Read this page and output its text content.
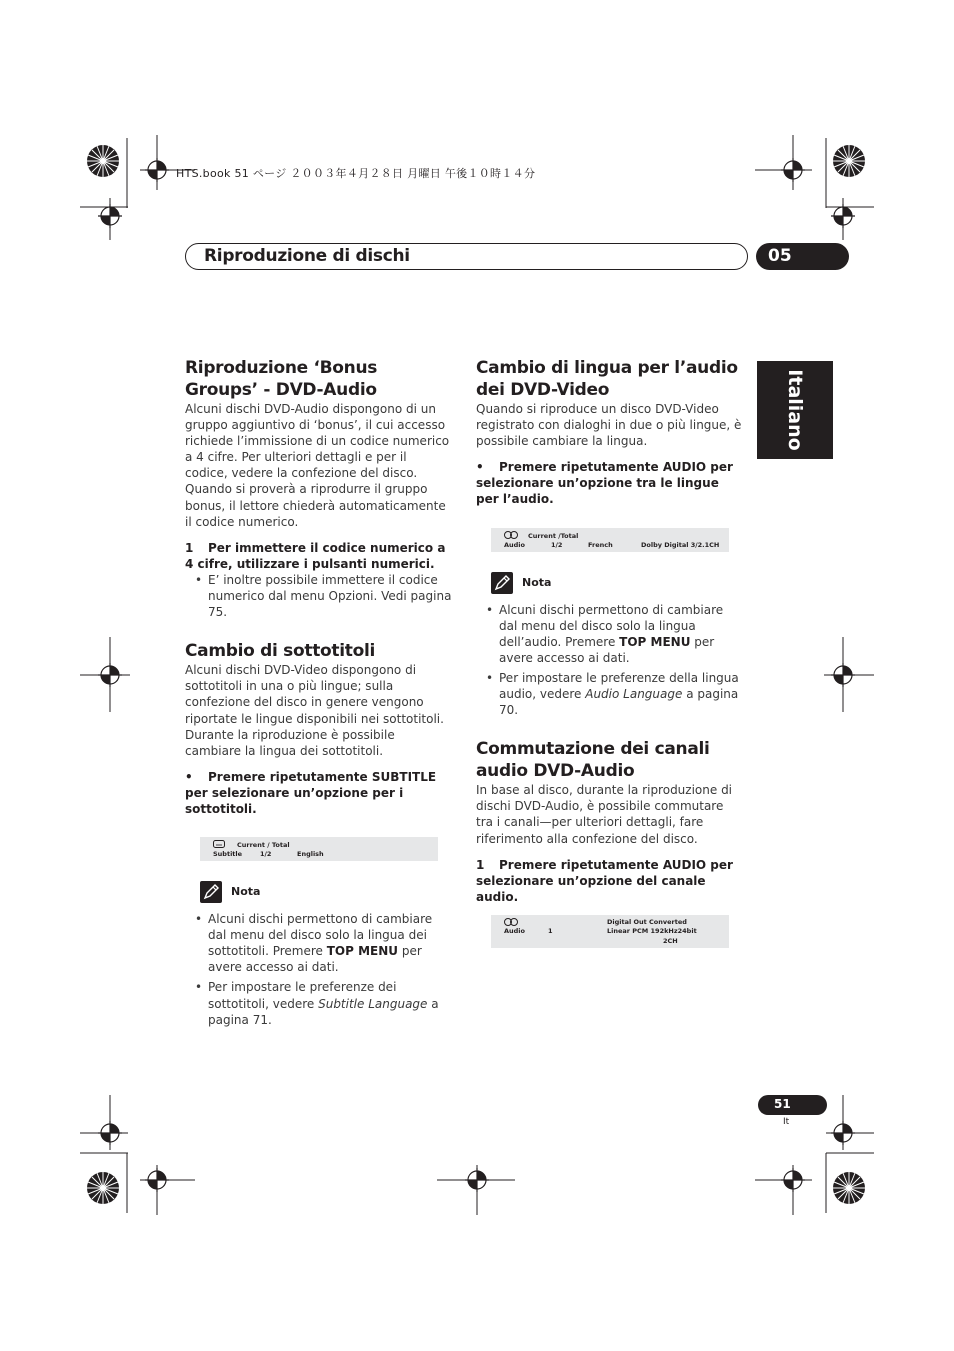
HTS.book 51 ページ ２００３年４月２８日 月曜日 午後１０時１４分
Riproduzione di dischi	05
Italiano
Riproduzione ‘Bonus Groups’ - DVD-Audio

Alcuni dischi DVD-Audio dispongono di un gruppo aggiuntivo di ‘bonus’, il cui accesso richiede l’immissione di un codice numerico a 4 cifre. Per ulteriori dettagli e per il codice, vedere la confezione del disco. Quando si proverà a riprodurre il gruppo bonus, il lettore chiederà automaticamente il codice numerico.

1 Per immettere il codice numerico a 4 cifre, utilizzare i pulsanti numerici.

• E’ inoltre possibile immettere il codice numerico dal menu Opzioni. Vedi pagina 75.
Cambio di sottotitoli

Alcuni dischi DVD-Video dispongono di sottotitoli in una o più lingue; sulla confezione del disco in genere vengono riportate le lingue disponibili nei sottotitoli. Durante la riproduzione è possibile cambiare la lingua dei sottotitoli.

• Premere ripetutamente SUBTITLE per selezionare un’opzione per i sottotitoli.

Current / Total
Subtitle	1/2	English
Nota
• Alcuni dischi permettono di cambiare dal menu del disco solo la lingua dei sottotitoli. Premere TOP MENU per avere accesso ai dati.
• Per impostare le preferenze dei sottotitoli, vedere Subtitle Language a pagina 71.
Cambio di lingua per l’audio dei DVD-Video

Quando si riproduce un disco DVD-Video registrato con dialoghi in due o più lingue, è possibile cambiare la lingua.

• Premere ripetutamente AUDIO per selezionare un’opzione tra le lingue per l’audio.

Current /Total
Audio	1/2	French	Dolby Digital 3/2.1CH
Nota
• Alcuni dischi permettono di cambiare dal menu del disco solo la lingua dell’audio. Premere TOP MENU per avere accesso ai dati.
• Per impostare le preferenze della lingua audio, vedere Audio Language a pagina 70.
Commutazione dei canali audio DVD-Audio

In base al disco, durante la riproduzione di dischi DVD-Audio, è possibile commutare tra i canali—per ulteriori dettagli, fare riferimento alla confezione del disco.

1 Premere ripetutamente AUDIO per selezionare un’opzione del canale audio.

Digital Out Converted
Audio	1	Linear PCM 192kHz24bit
2CH
51
It
